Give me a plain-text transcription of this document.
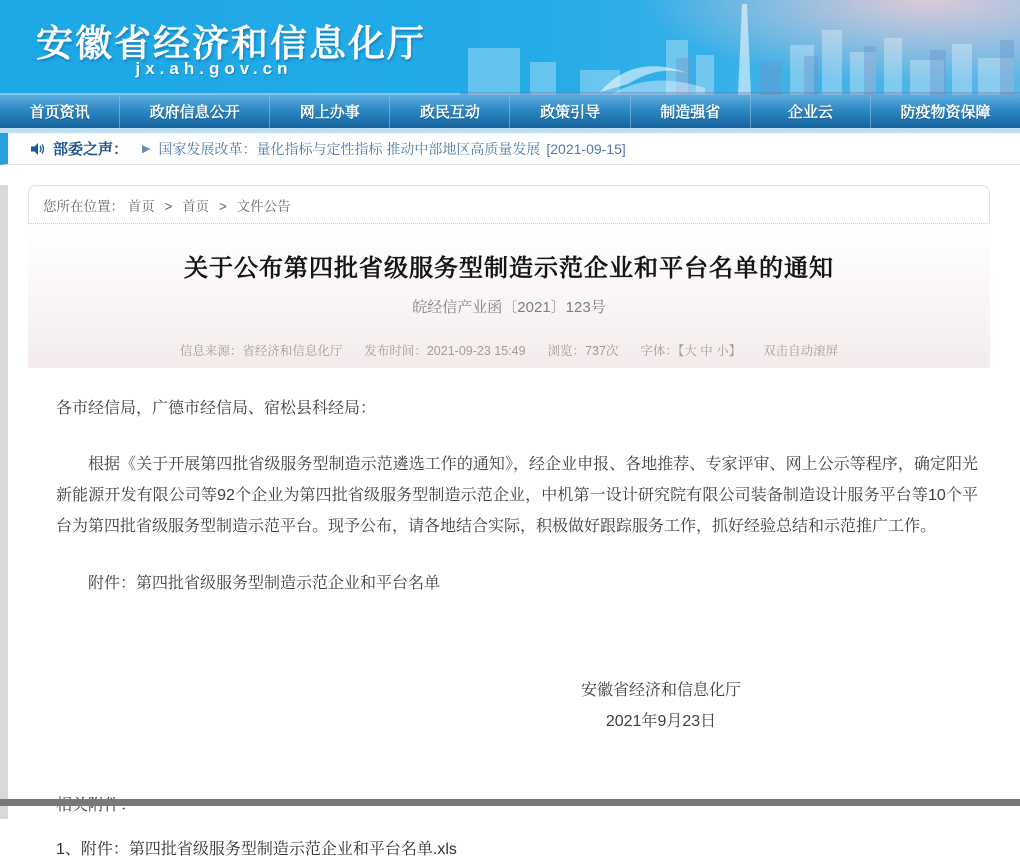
安徽省经济和信息化厅
jx.ah.gov.cn
首页资讯	政府信息公开	网上办事	政民互动	政策引导	制造强省	企业云	防疫物资保障
部委之声： ▶ 国家发展改革：量化指标与定性指标 推动中部地区高质量发展 [2021-09-15]
您所在位置： 首页 > 首页 > 文件公告
关于公布第四批省级服务型制造示范企业和平台名单的通知
皖经信产业函〔2021〕123号
信息来源：省经济和信息化厅 发布时间：2021-09-23 15:49 浏览：737次 字体：【大 中 小】 双击自动滚屏

各市经信局，广德市经信局、宿松县科经局：

根据《关于开展第四批省级服务型制造示范遴选工作的通知》，经企业申报、各地推荐、专家评审、网上公示等程序，确定阳光新能源开发有限公司等92个企业为第四批省级服务型制造示范企业，中机第一设计研究院有限公司装备制造设计服务平台等10个平台为第四批省级服务型制造示范平台。现予公布，请各地结合实际，积极做好跟踪服务工作，抓好经验总结和示范推广工作。

附件：第四批省级服务型制造示范企业和平台名单

安徽省经济和信息化厅
2021年9月23日
1、附件：第四批省级服务型制造示范企业和平台名单.xls
